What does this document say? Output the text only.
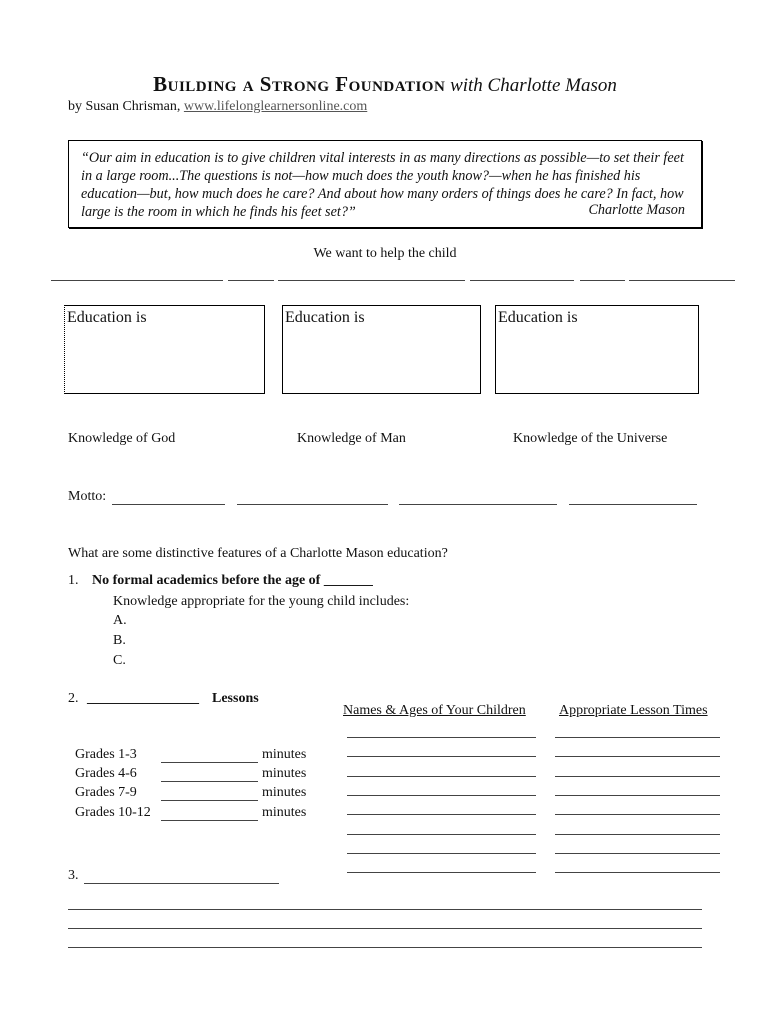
Building a Strong Foundation with Charlotte Mason
by Susan Chrisman, www.lifelonglearnersonline.com
“Our aim in education is to give children vital interests in as many directions as possible—to set their feet in a large room...The questions is not—how much does the youth know?—when he has finished his education—but, how much does he care? And about how many orders of things does he care? In fact, how large is the room in which he finds his feet set?”	Charlotte Mason
We want to help the child
Education is	Education is	Education is
Knowledge of God	Knowledge of Man	Knowledge of the Universe
Motto:
What are some distinctive features of a Charlotte Mason education?
1. No formal academics before the age of _______
Knowledge appropriate for the young child includes:
A.
B.
C.
2. ________________ Lessons
Names & Ages of Your Children Appropriate Lesson Times
Grades 1-3	minutes
Grades 4-6	minutes
Grades 7-9	minutes
Grades 10-12	minutes
3.
